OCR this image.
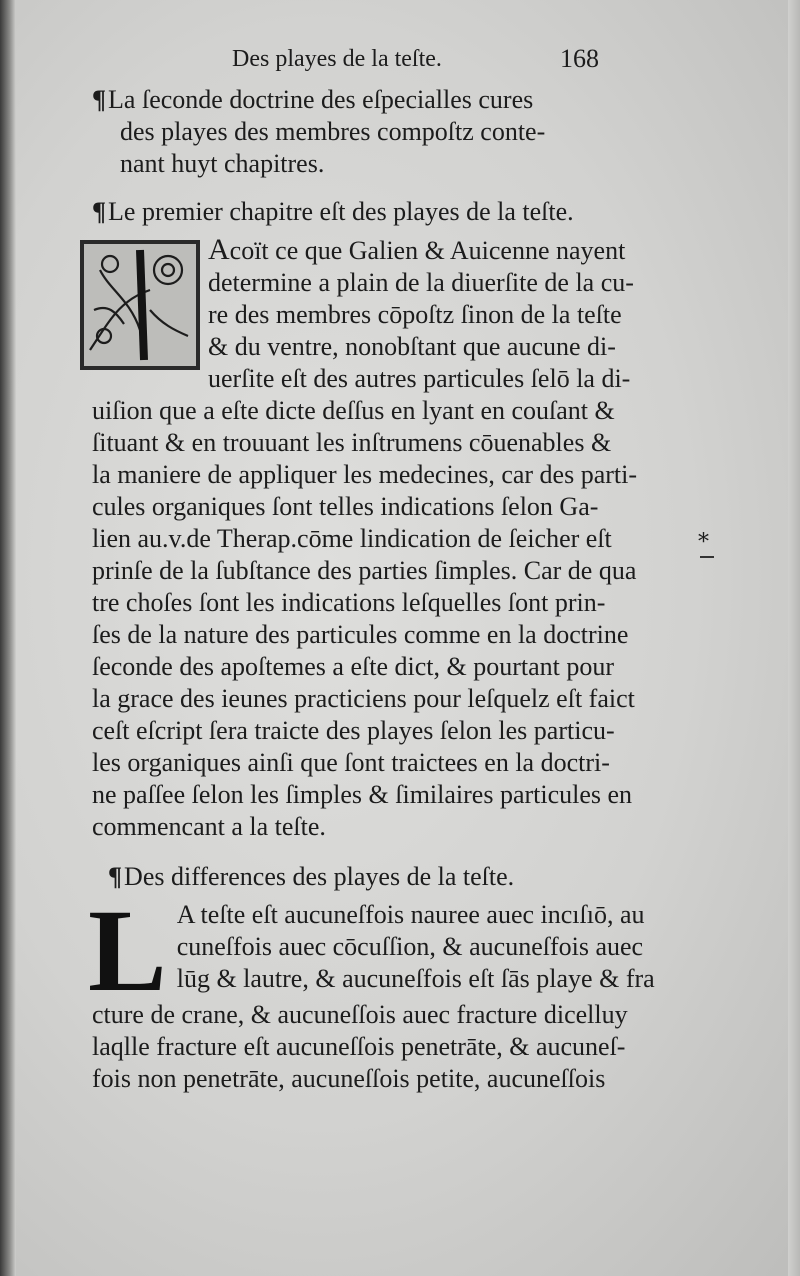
Des playes de la teſte.	168

¶La ſeconde doctrine des eſpecialles cures
des playes des membres compoſtz conte-
nant huyt chapitres.

¶Le premier chapitre eſt des playes de la teſte.

Acoït ce que Galien & Auicenne nayent
determine a plain de la diuerſite de la cu-
re des membres cōpoſtz ſinon de la teſte
& du ventre, nonobſtant que aucune di-
uerſite eſt des autres particules ſelō la di-
uiſion que a eſte dicte deſſus en lyant en couſant &
ſituant & en trouuant les inſtrumens cōuenables &
la maniere de appliquer les medecines, car des parti-
cules organiques ſont telles indications ſelon Ga-
lien au.v.de Therap.cōme lindication de ſeicher eſt
prinſe de la ſubſtance des parties ſimples. Car de qua
tre choſes ſont les indications leſquelles ſont prin-
ſes de la nature des particules comme en la doctrine
ſeconde des apoſtemes a eſte dict, & pourtant pour
la grace des ieunes practiciens pour leſquelz eſt faict
ceſt eſcript ſera traicte des playes ſelon les particu-
les organiques ainſi que ſont traictees en la doctri-
ne paſſee ſelon les ſimples & ſimilaires particules en
commencant a la teſte.

¶Des differences des playes de la teſte.

L A teſte eſt aucuneſfois nauree auec incıſıō, au
cuneſfois auec cōcuſſion, & aucuneſfois auec
lūg & lautre, & aucuneſfois eſt ſās playe & fra
cture de crane, & aucuneſſois auec fracture dicelluy
laqlle fracture eſt aucuneſſois penetrāte, & aucuneſ-
fois non penetrāte, aucuneſſois petite, aucuneſſois
*
